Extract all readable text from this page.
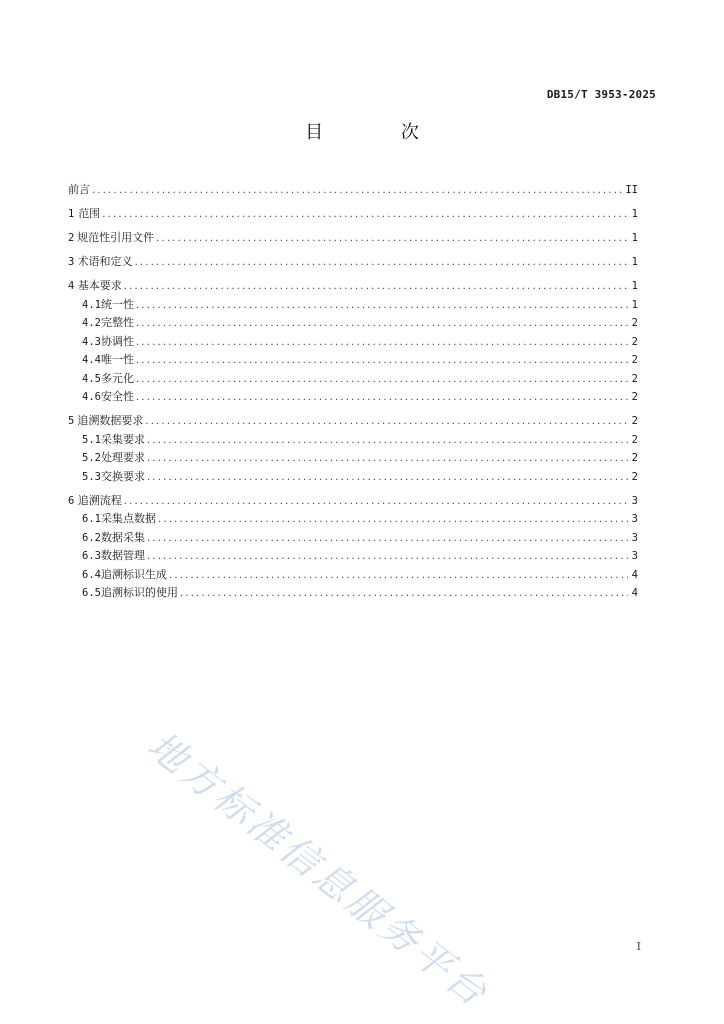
DB15/T 3953-2025
目 次
前言 .....	II
1 范围 .....	1
2 规范性引用文件 .....	1
3 术语和定义 .....	1
4 基本要求 .....	1
4.1 统一性 .....	1
4.2 完整性 .....	2
4.3 协调性 .....	2
4.4 唯一性 .....	2
4.5 多元化 .....	2
4.6 安全性 .....	2
5 追溯数据要求 .....	2
5.1 采集要求 .....	2
5.2 处理要求 .....	2
5.3 交换要求 .....	2
6 追溯流程 .....	3
6.1 采集点数据 .....	3
6.2 数据采集 .....	3
6.3 数据管理 .....	3
6.4 追溯标识生成 .....	4
6.5 追溯标识的使用 .....	4
地方标准信息服务平台	I
